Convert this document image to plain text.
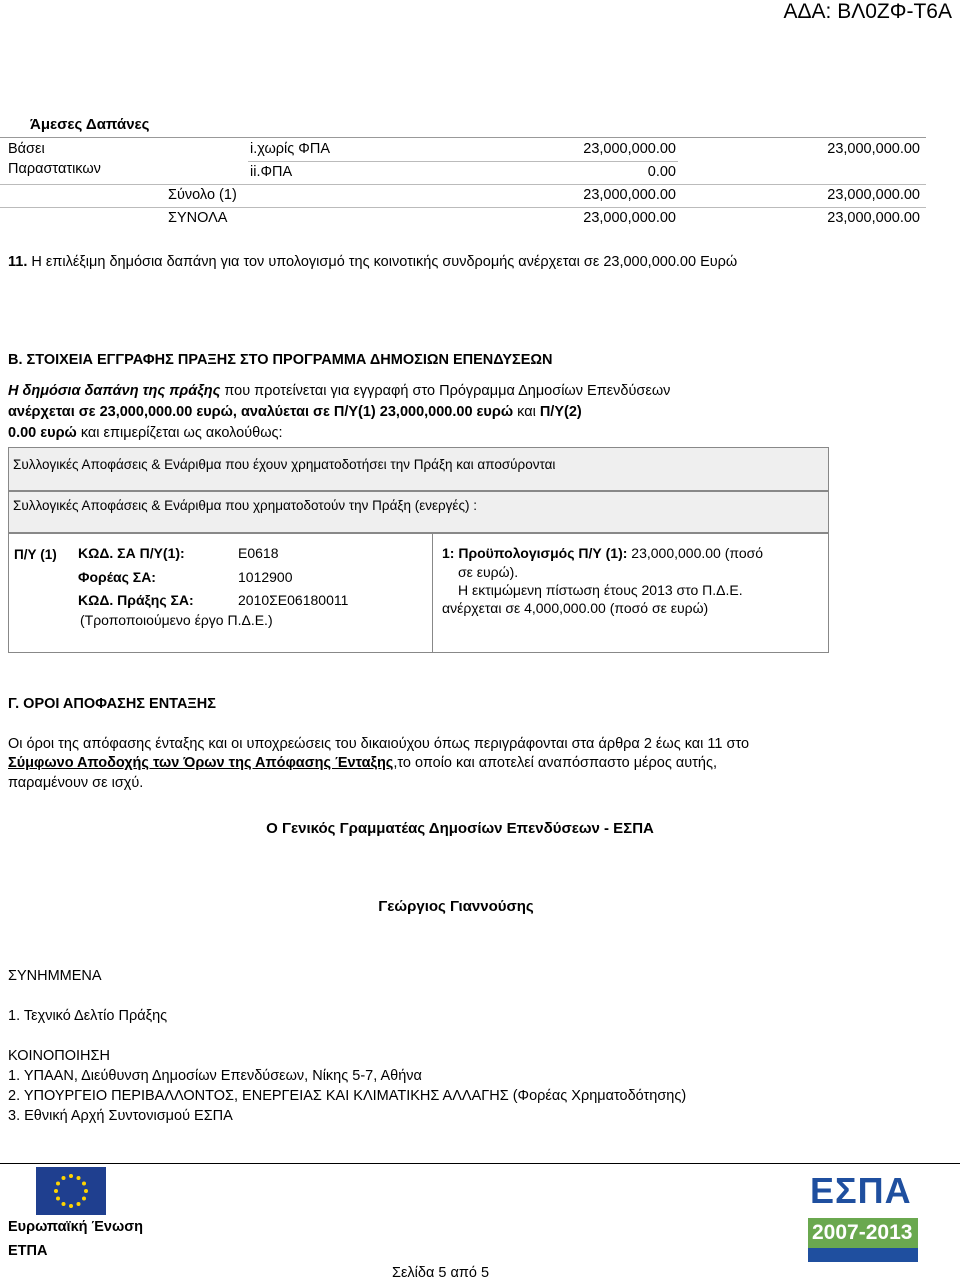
ΑΔΑ: ΒΛ0ΖΦ-Τ6Α
Άμεσες Δαπάνες
Βάσει
Παραστατικων
i.χωρίς ΦΠΑ	23,000,000.00	23,000,000.00
ii.ΦΠΑ	0.00
Σύνολο (1)	23,000,000.00	23,000,000.00
ΣΥΝΟΛΑ	23,000,000.00	23,000,000.00
11. Η επιλέξιμη δημόσια δαπάνη για τον υπολογισμό της κοινοτικής συνδρομής ανέρχεται σε 23,000,000.00 Ευρώ
Β. ΣΤΟΙΧΕΙΑ ΕΓΓΡΑΦΗΣ ΠΡΑΞΗΣ ΣΤΟ ΠΡΟΓΡΑΜΜΑ ΔΗΜΟΣΙΩΝ ΕΠΕΝΔΥΣΕΩΝ
Η δημόσια δαπάνη της πράξης που προτείνεται για εγγραφή στο Πρόγραμμα Δημοσίων Επενδύσεων
ανέρχεται σε 23,000,000.00 ευρώ, αναλύεται σε Π/Υ(1) 23,000,000.00 ευρώ και Π/Υ(2)
0.00 ευρώ και επιμερίζεται ως ακολούθως:
Συλλογικές Αποφάσεις & Ενάριθμα που έχουν χρηματοδοτήσει την Πράξη και αποσύρονται
Συλλογικές Αποφάσεις & Ενάριθμα που χρηματοδοτούν την Πράξη (ενεργές) :
Π/Υ (1) ΚΩΔ. ΣΑ Π/Υ(1):	Ε0618
Φορέας ΣΑ:	1012900
ΚΩΔ. Πράξης ΣΑ:	2010ΣΕ06180011
(Τροποποιούμενο έργο Π.Δ.Ε.)
1: Προϋπολογισμός Π/Υ (1): 23,000,000.00 (ποσό
σε ευρώ).
Η εκτιμώμενη πίστωση έτους 2013 στο Π.Δ.Ε.
ανέρχεται σε 4,000,000.00 (ποσό σε ευρώ)
Γ. ΟΡΟΙ ΑΠΟΦΑΣΗΣ ΕΝΤΑΞΗΣ
Οι όροι της απόφασης ένταξης και οι υποχρεώσεις του δικαιούχου όπως περιγράφονται στα άρθρα 2 έως και 11 στο
Σύμφωνο Αποδοχής των Όρων της Απόφασης Ένταξης,το οποίο και αποτελεί αναπόσπαστο μέρος αυτής,
παραμένουν σε ισχύ.
Ο Γενικός Γραμματέας Δημοσίων Επενδύσεων - ΕΣΠΑ
Γεώργιος Γιαννούσης
ΣΥΝΗΜΜΕΝΑ
1. Τεχνικό Δελτίο Πράξης
ΚΟΙΝΟΠΟΙΗΣΗ
1. ΥΠΑΑΝ, Διεύθυνση Δημοσίων Επενδύσεων, Νίκης 5-7, Αθήνα
2. ΥΠΟΥΡΓΕΙΟ ΠΕΡΙΒΑΛΛΟΝΤΟΣ, ΕΝΕΡΓΕΙΑΣ ΚΑΙ ΚΛΙΜΑΤΙΚΗΣ ΑΛΛΑΓΗΣ (Φορέας Χρηματοδότησης)
3. Εθνική Αρχή Συντονισμού ΕΣΠΑ
Ευρωπαϊκή Ένωση
ΕΤΠΑ
Σελίδα 5 από 5
ΕΣΠΑ
2007-2013
